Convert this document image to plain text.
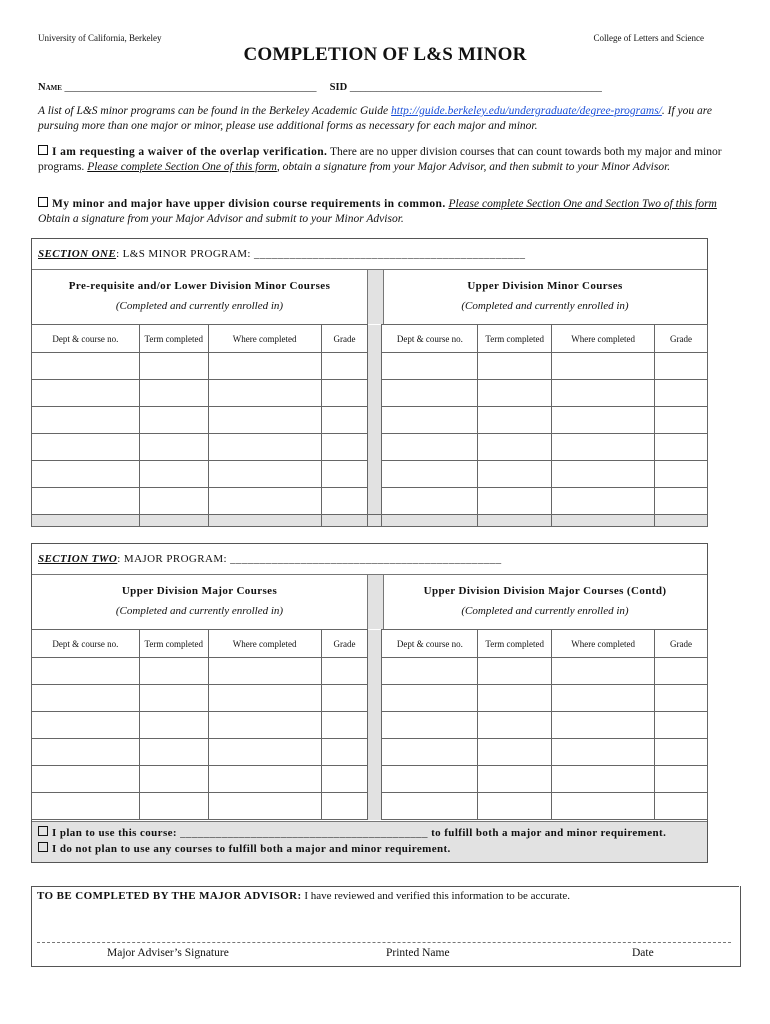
University of California, Berkeley	College of Letters and Science
COMPLETION OF L&S MINOR
Name ________________________________________________ SID ________________________________________________
A list of L&S minor programs can be found in the Berkeley Academic Guide http://guide.berkeley.edu/undergraduate/degree-programs/. If you are pursuing more than one major or minor, please use additional forms as necessary for each major and minor.
I am requesting a waiver of the overlap verification. There are no upper division courses that can count towards both my major and minor programs. Please complete Section One of this form, obtain a signature from your Major Advisor, and then submit to your Minor Advisor.
My minor and major have upper division course requirements in common. Please complete Section One and Section Two of this form
Obtain a signature from your Major Advisor and submit to your Minor Advisor.
SECTION ONE: L&S MINOR PROGRAM: ______________________________________________
Pre-requisite and/or Lower Division Minor Courses
(Completed and currently enrolled in)
Upper Division Minor Courses
(Completed and currently enrolled in)
Dept & course no.	Term completed	Where completed	Grade		Dept & course no.	Term completed	Where completed	Grade

SECTION TWO: MAJOR PROGRAM: ______________________________________________
Upper Division Major Courses
(Completed and currently enrolled in)
Upper Division Division Major Courses (Contd)
(Completed and currently enrolled in)
Dept & course no.	Term completed	Where completed	Grade		Dept & course no.	Term completed	Where completed	Grade

I plan to use this course: __________________________________________ to fulfill both a major and minor requirement.
I do not plan to use any courses to fulfill both a major and minor requirement.
TO BE COMPLETED BY THE MAJOR ADVISOR: I have reviewed and verified this information to be accurate.
Major Adviser’s Signature	Printed Name	Date
